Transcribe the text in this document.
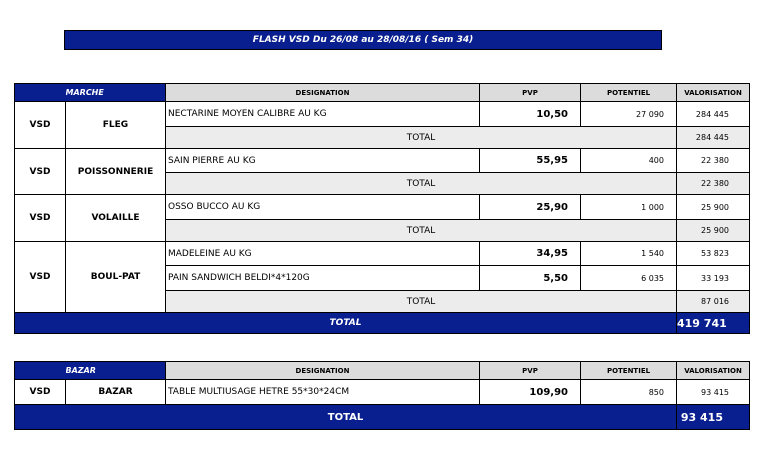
FLASH VSD Du 26/08 au 28/08/16 ( Sem 34)
	MARCHE	DESIGNATION	PVP	POTENTIEL	VALORISATION
VSD	FLEG	NECTARINE MOYEN CALIBRE AU KG	10,50	27 090	284 445
		TOTAL			284 445
VSD	POISSONNERIE	SAIN PIERRE AU KG	55,95	400	22 380
		TOTAL			22 380
VSD	VOLAILLE	OSSO BUCCO AU KG	25,90	1 000	25 900
		TOTAL			25 900
VSD	BOUL-PAT	MADELEINE AU KG	34,95	1 540	53 823
		PAIN SANDWICH BELDI*4*120G	5,50	6 035	33 193
		TOTAL			87 016
TOTAL					419 741
	BAZAR	DESIGNATION	PVP	POTENTIEL	VALORISATION
VSD	BAZAR	TABLE MULTIUSAGE HETRE 55*30*24CM	109,90	850	93 415
TOTAL					93 415
